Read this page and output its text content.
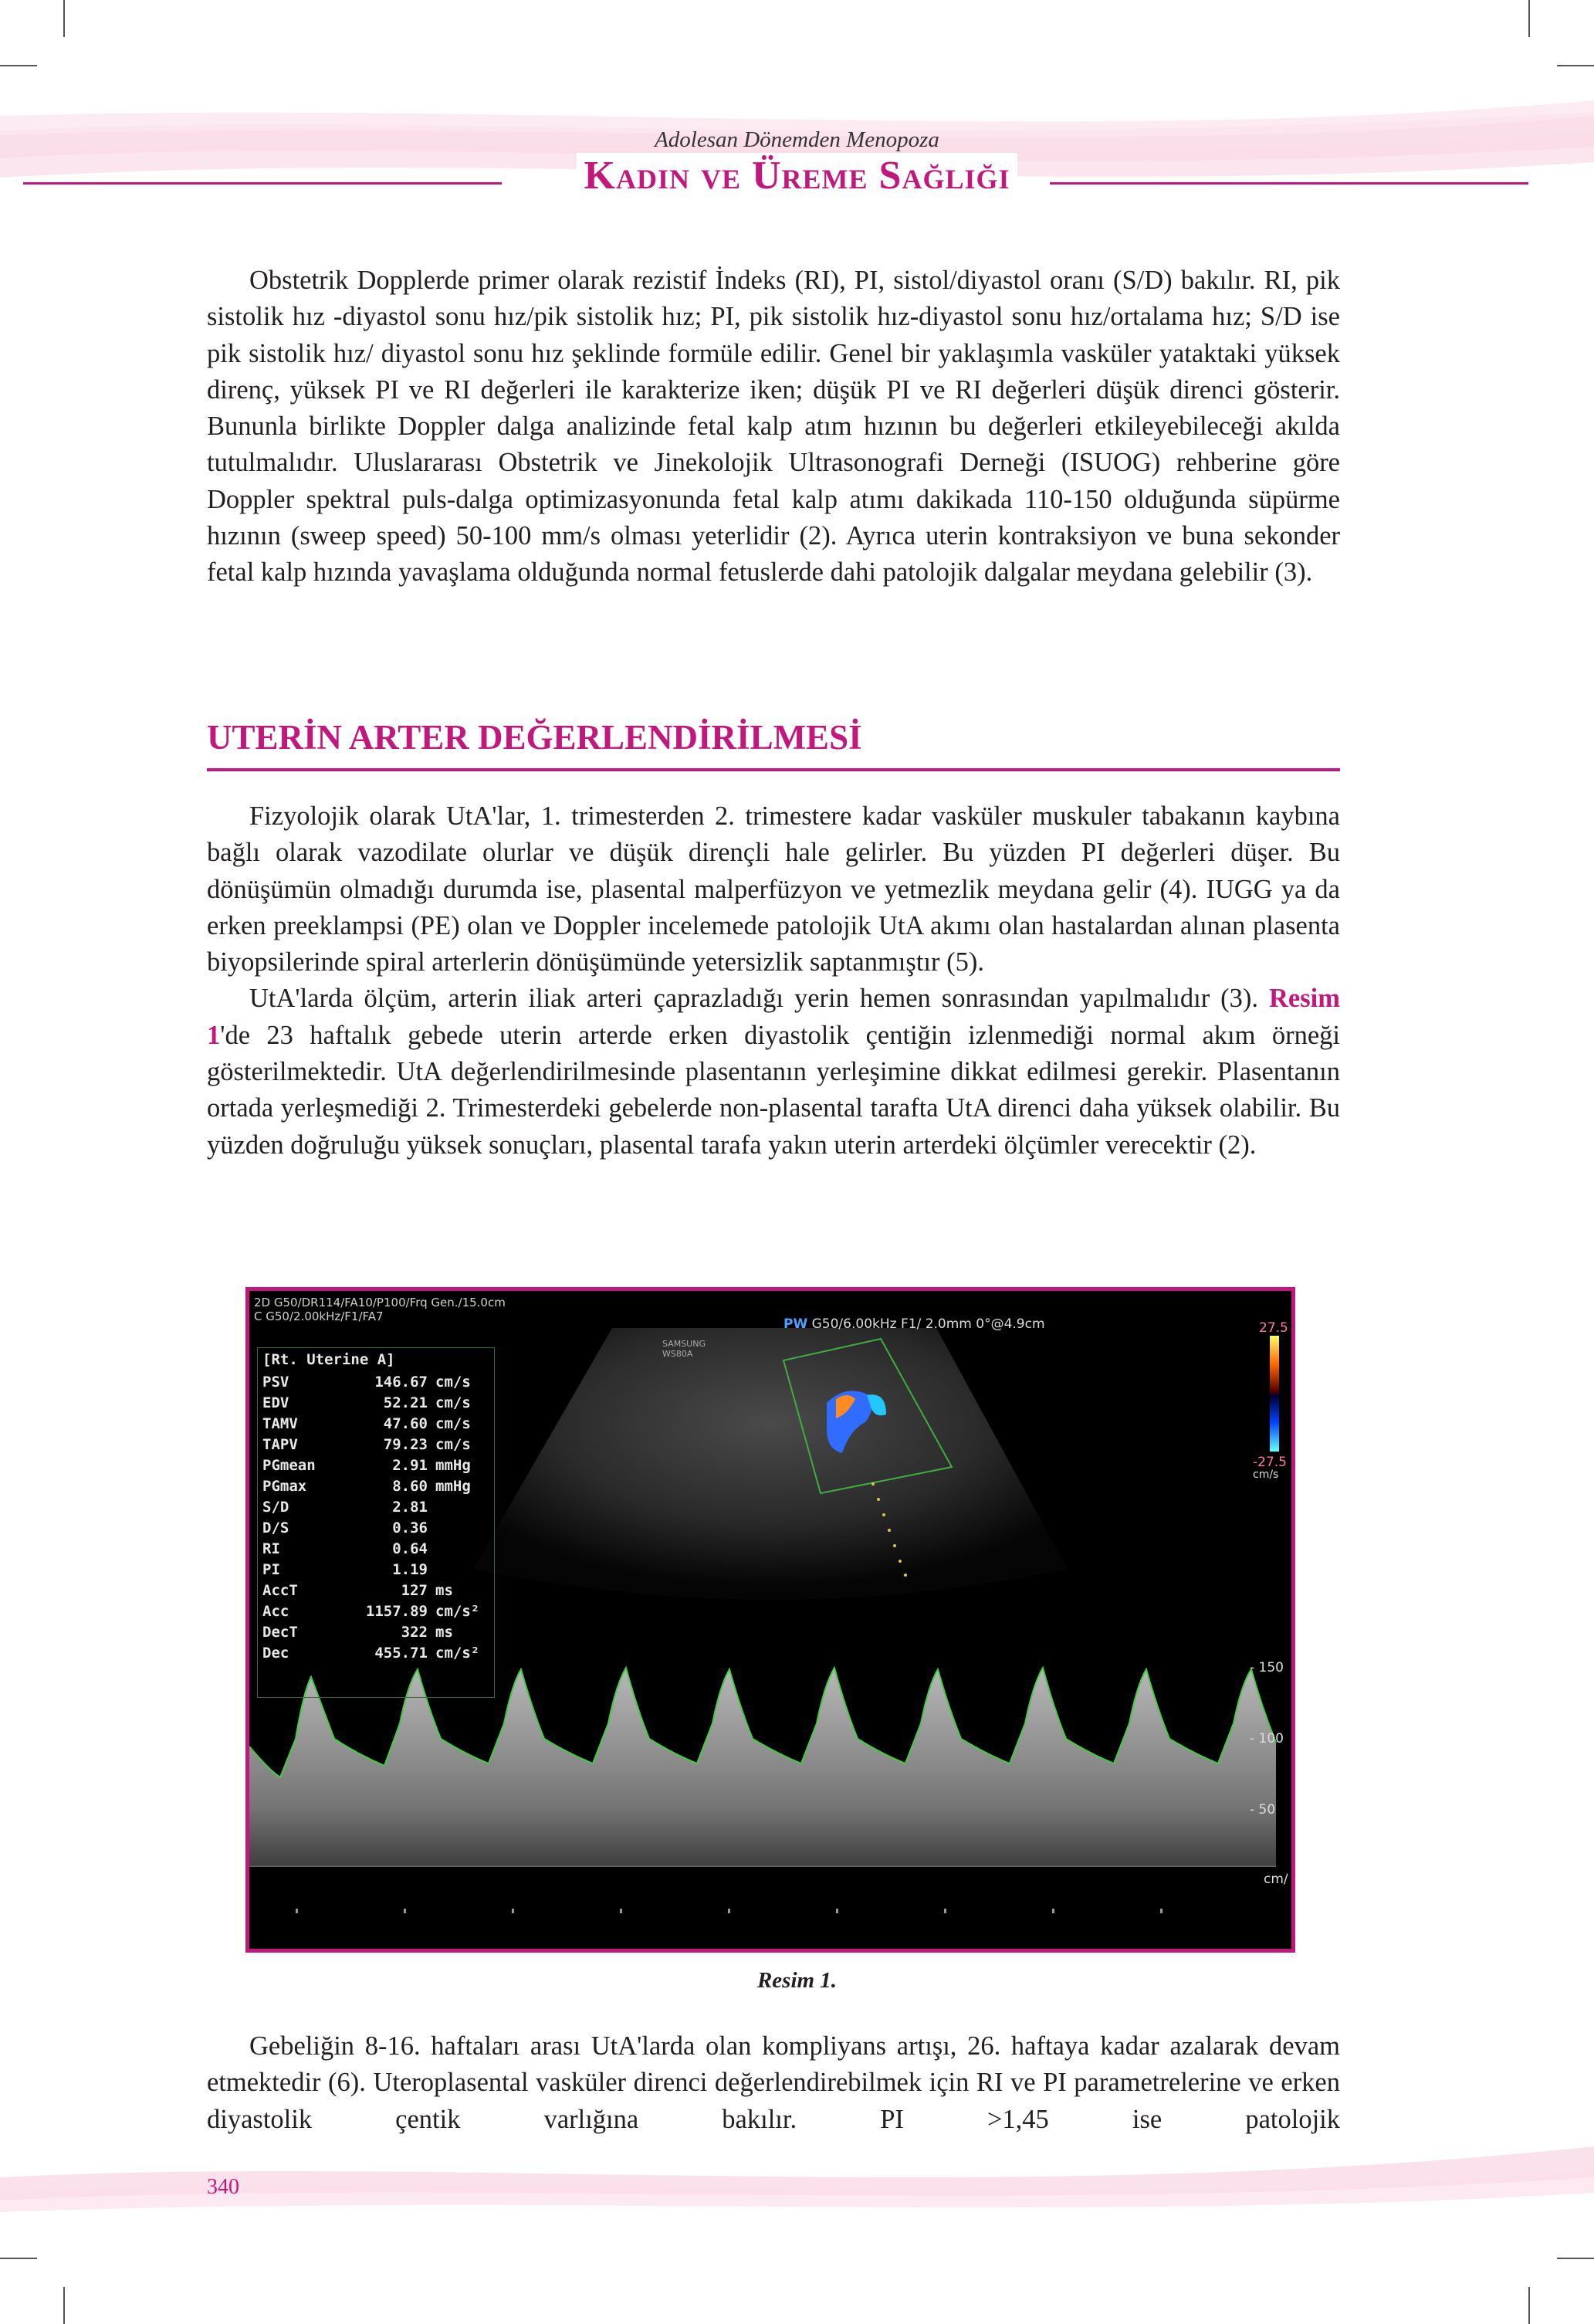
Adolesan Dönemden Menopoza
Kadın ve Üreme Sağlığı

Obstetrik Dopplerde primer olarak rezistif İndeks (RI), PI, sistol/diyastol oranı (S/D) bakılır. RI, pik sistolik hız -diyastol sonu hız/pik sistolik hız; PI, pik sistolik hız-diyastol sonu hız/ortalama hız; S/D ise pik sistolik hız/ diyastol sonu hız şeklinde formüle edilir. Genel bir yaklaşımla vasküler yataktaki yüksek direnç, yüksek PI ve RI değerleri ile karakterize iken; düşük PI ve RI değerleri düşük direnci gösterir. Bununla birlikte Doppler dalga analizinde fetal kalp atım hızının bu değerleri etkileyebileceği akılda tutulmalıdır. Uluslararası Obstetrik ve Jinekolojik Ultrasonografi Derneği (ISUOG) rehberine göre Doppler spektral puls-dalga optimizasyonunda fetal kalp atımı dakikada 110-150 olduğunda süpürme hızının (sweep speed) 50-100 mm/s olması yeterlidir (2). Ayrıca uterin kontraksiyon ve buna sekonder fetal kalp hızında yavaşlama olduğunda normal fetuslerde dahi patolojik dalgalar meydana gelebilir (3).

UTERİN ARTER DEĞERLENDİRİLMESİ

Fizyolojik olarak UtA'lar, 1. trimesterden 2. trimestere kadar vasküler muskuler tabakanın kaybına bağlı olarak vazodilate olurlar ve düşük dirençli hale gelirler. Bu yüzden PI değerleri düşer. Bu dönüşümün olmadığı durumda ise, plasental malperfüzyon ve yetmezlik meydana gelir (4). IUGG ya da erken preeklampsi (PE) olan ve Doppler incelemede patolojik UtA akımı olan hastalardan alınan plasenta biyopsilerinde spiral arterlerin dönüşümünde yetersizlik saptanmıştır (5).

UtA'larda ölçüm, arterin iliak arteri çaprazladığı yerin hemen sonrasından yapılmalıdır (3). Resim 1'de 23 haftalık gebede uterin arterde erken diyastolik çentiğin izlenmediği normal akım örneği gösterilmektedir. UtA değerlendirilmesinde plasentanın yerleşimine dikkat edilmesi gerekir. Plasentanın ortada yerleşmediği 2. Trimesterdeki gebelerde non-plasental tarafta UtA direnci daha yüksek olabilir. Bu yüzden doğruluğu yüksek sonuçları, plasental tarafa yakın uterin arterdeki ölçümler verecektir (2).

2D G50/DR114/FA10/P100/Frq Gen./15.0cm
C G50/2.00kHz/F1/FA7	PW G50/6.00kHz F1/ 2.0mm 0°@4.9cm
SAMSUNG WS80A
27.5
-27.5
cm/s
- 150
- 100
- 50
cm/
[Rt. Uterine A]
PSV	146.67 cm/s
EDV	52.21 cm/s
TAMV	47.60 cm/s
TAPV	79.23 cm/s
PGmean	2.91 mmHg
PGmax	8.60 mmHg
S/D	2.81
D/S	0.36
RI	0.64
PI	1.19
AccT	127 ms
Acc	1157.89 cm/s²
DecT	322 ms
Dec	455.71 cm/s²
Resim 1.

Gebeliğin 8-16. haftaları arası UtA'larda olan kompliyans artışı, 26. haftaya kadar azalarak devam etmektedir (6). Uteroplasental vasküler direnci değerlendirebilmek için RI ve PI parametrelerine ve erken diyastolik çentik varlığına bakılır. PI >1,45 ise patolojik

340
